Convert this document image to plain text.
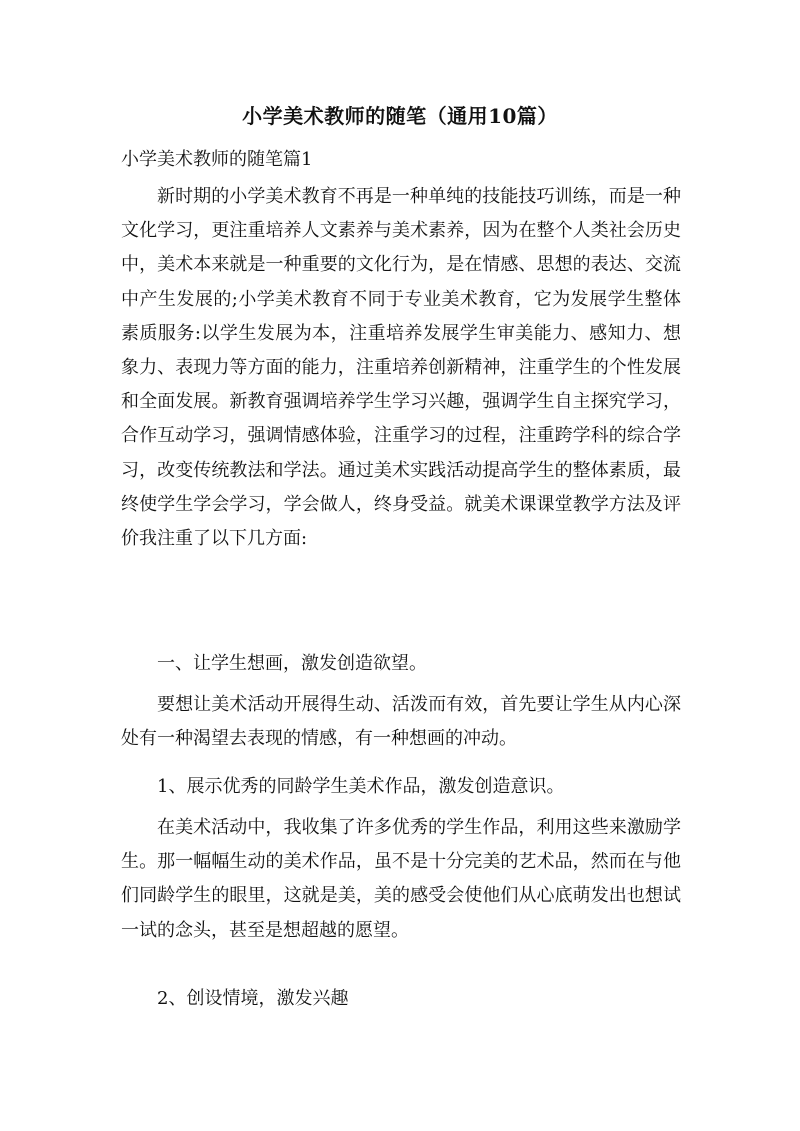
小学美术教师的随笔（通用10篇）
小学美术教师的随笔篇1

新时期的小学美术教育不再是一种单纯的技能技巧训练，而是一种文化学习，更注重培养人文素养与美术素养，因为在整个人类社会历史中，美术本来就是一种重要的文化行为，是在情感、思想的表达、交流中产生发展的;小学美术教育不同于专业美术教育，它为发展学生整体素质服务:以学生发展为本，注重培养发展学生审美能力、感知力、想象力、表现力等方面的能力，注重培养创新精神，注重学生的个性发展和全面发展。新教育强调培养学生学习兴趣，强调学生自主探究学习，合作互动学习，强调情感体验，注重学习的过程，注重跨学科的综合学习，改变传统教法和学法。通过美术实践活动提高学生的整体素质，最终使学生学会学习，学会做人，终身受益。就美术课课堂教学方法及评价我注重了以下几方面:

一、让学生想画，激发创造欲望。

要想让美术活动开展得生动、活泼而有效，首先要让学生从内心深处有一种渴望去表现的情感，有一种想画的冲动。

1、展示优秀的同龄学生美术作品，激发创造意识。

在美术活动中，我收集了许多优秀的学生作品，利用这些来激励学生。那一幅幅生动的美术作品，虽不是十分完美的艺术品，然而在与他们同龄学生的眼里，这就是美，美的感受会使他们从心底萌发出也想试一试的念头，甚至是想超越的愿望。

2、创设情境，激发兴趣
